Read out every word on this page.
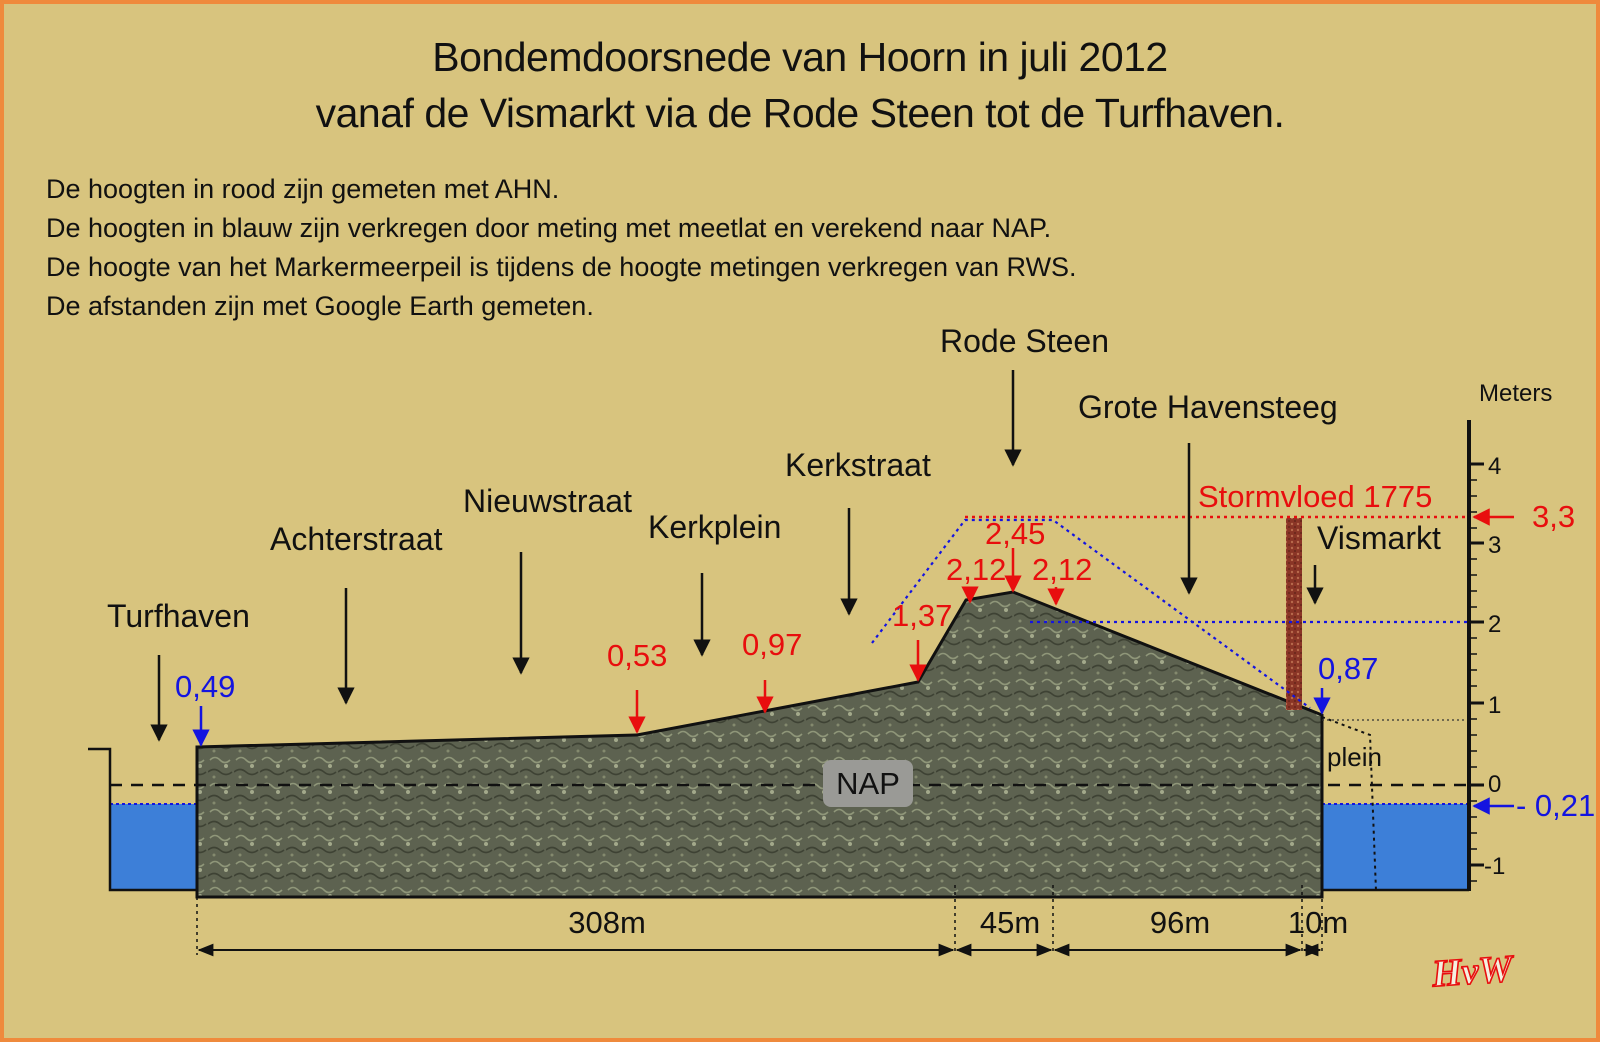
Bondemdoorsnede van Hoorn in juli 2012
vanaf de Vismarkt via de Rode Steen tot de Turfhaven.
De hoogten in rood zijn gemeten met AHN.
De hoogten in blauw zijn verkregen door meting met meetlat en verekend naar NAP.
De hoogte van het Markermeerpeil is tijdens de hoogte metingen verkregen van RWS.
De afstanden zijn met Google Earth gemeten.
Turfhaven
Achterstraat
Nieuwstraat
Kerkplein
Kerkstraat
Rode Steen
Grote Havensteeg
Vismarkt
plein
0,53 0,97
1,37
2,12
2,45
2,12
Stormvloed 1775
3,3
0,49
0,87
- 0,21
NAP
Meters
4
3
2
1
0
-1
308m	45m	96m	10m
HvW
